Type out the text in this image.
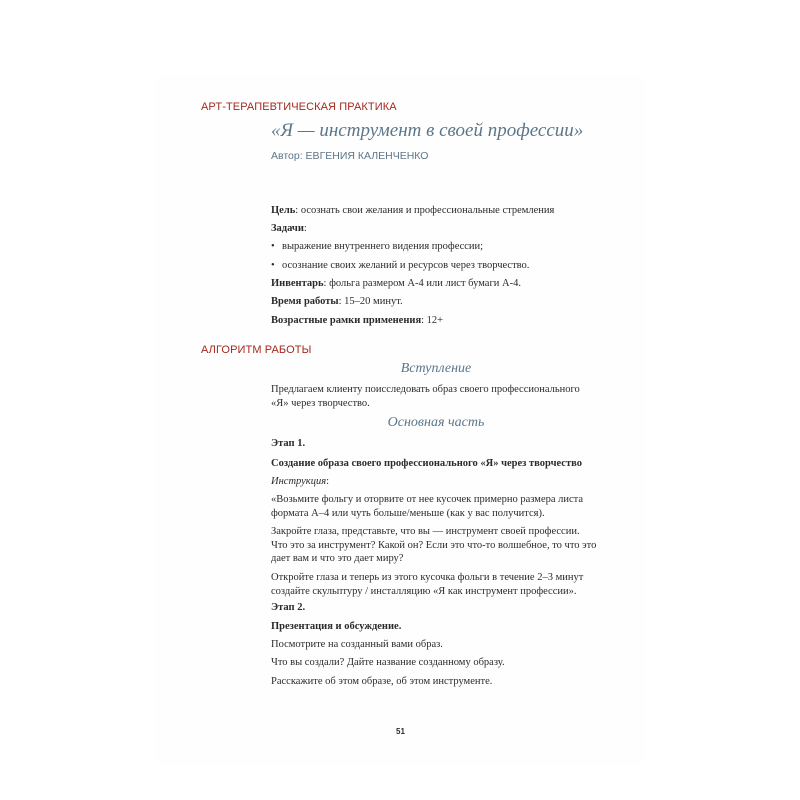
АРТ-ТЕРАПЕВТИЧЕСКАЯ ПРАКТИКА
«Я — инструмент в своей профессии»
Автор: ЕВГЕНИЯ КАЛЕНЧЕНКО
Цель: осознать свои желания и профессиональные стремления
Задачи:
• выражение внутреннего видения профессии;
• осознание своих желаний и ресурсов через творчество.
Инвентарь: фольга размером А-4 или лист бумаги А-4.
Время работы: 15–20 минут.
Возрастные рамки применения: 12+
АЛГОРИТМ РАБОТЫ
Вступление
Предлагаем клиенту поисследовать образ своего профессионального
«Я» через творчество.
Основная часть
Этап 1.
Создание образа своего профессионального «Я» через творчество
Инструкция:
«Возьмите фольгу и оторвите от нее кусочек примерно размера листа
формата А–4 или чуть больше/меньше (как у вас получится).
Закройте глаза, представьте, что вы — инструмент своей профессии.
Что это за инструмент? Какой он? Если это что-то волшебное, то что это
дает вам и что это дает миру?
Откройте глаза и теперь из этого кусочка фольги в течение 2–3 минут
создайте скульптуру / инсталляцию «Я как инструмент профессии».
Этап 2.
Презентация и обсуждение.
Посмотрите на созданный вами образ.
Что вы создали? Дайте название созданному образу.
Расскажите об этом образе, об этом инструменте.
51
